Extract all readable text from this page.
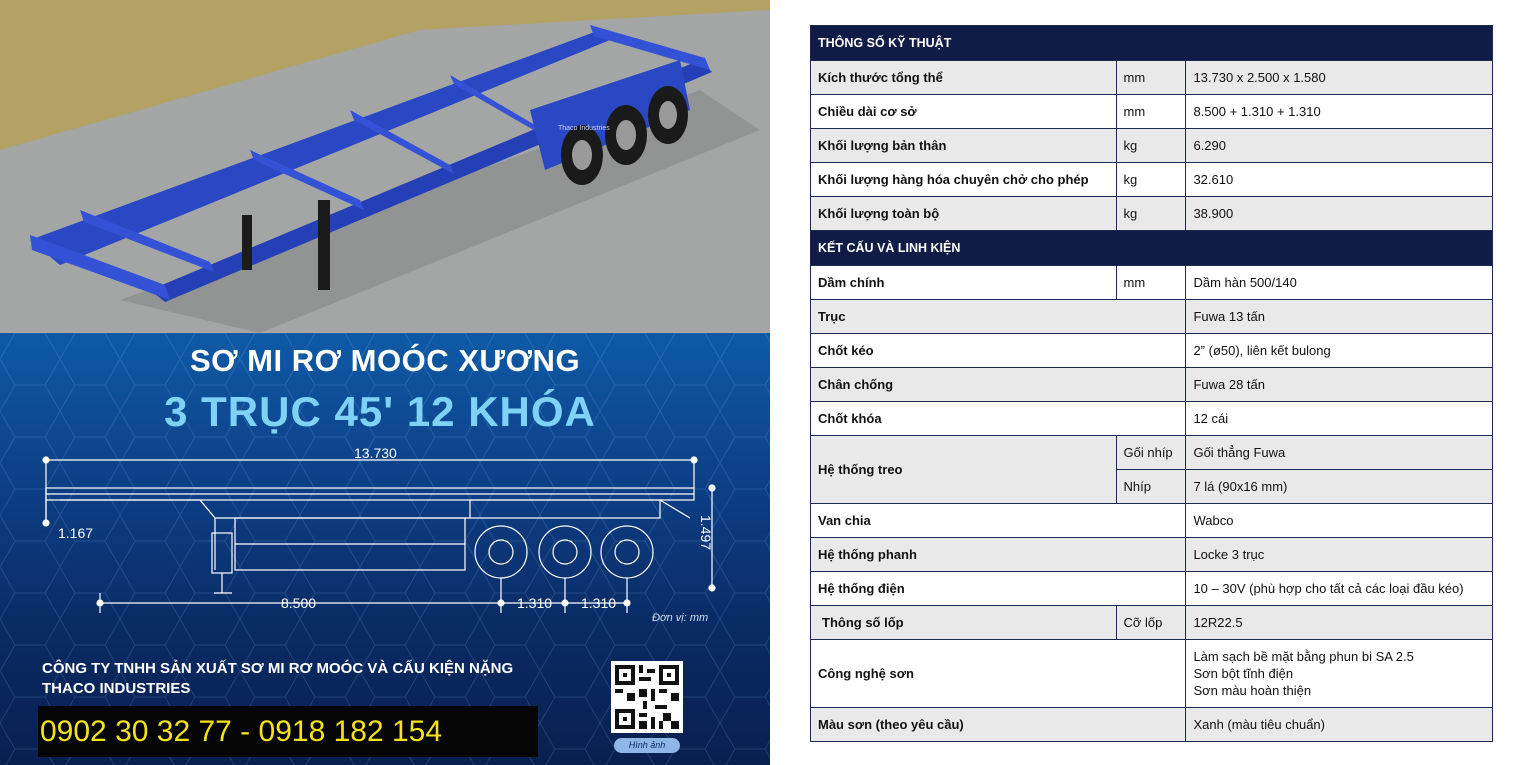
Thaco Industries
SƠ MI RƠ MOÓC XƯƠNG
3 TRỤC 45' 12 KHÓA
13.730
1.167	1.497
8.500	1.310 1.310
Đơn vị: mm
CÔNG TY TNHH SẢN XUẤT SƠ MI RƠ MOÓC VÀ CẤU KIỆN NẶNG
THACO INDUSTRIES
0902 30 32 77 - 0918 182 154	Hình ảnh
THÔNG SỐ KỸ THUẬT		
Kích thước tổng thể	mm	13.730 x 2.500 x 1.580
Chiều dài cơ sở	mm	8.500 + 1.310 + 1.310
Khối lượng bản thân	kg	6.290
Khối lượng hàng hóa chuyên chở cho phép	kg	32.610
Khối lượng toàn bộ	kg	38.900
KẾT CẤU VÀ LINH KIỆN		
Dầm chính	mm	Dầm hàn 500/140
Trục		Fuwa 13 tấn
Chốt kéo		2” (ø50), liên kết bulong
Chân chống		Fuwa 28 tấn
Chốt khóa		12 cái
Hệ thống treo	Gối nhíp	Gối thẳng Fuwa
	Nhíp	7 lá (90x16 mm)
Van chia		Wabco
Hệ thống phanh		Locke 3 trục
Hệ thống điện		10 – 30V (phù hợp cho tất cả các loại đầu kéo)
Thông số lốp	Cỡ lốp	12R22.5
Công nghệ sơn		Làm sạch bề mặt bằng phun bi SA 2.5
Sơn bột tĩnh điện
Sơn màu hoàn thiện

Màu sơn (theo yêu cầu)		Xanh (màu tiêu chuẩn)
